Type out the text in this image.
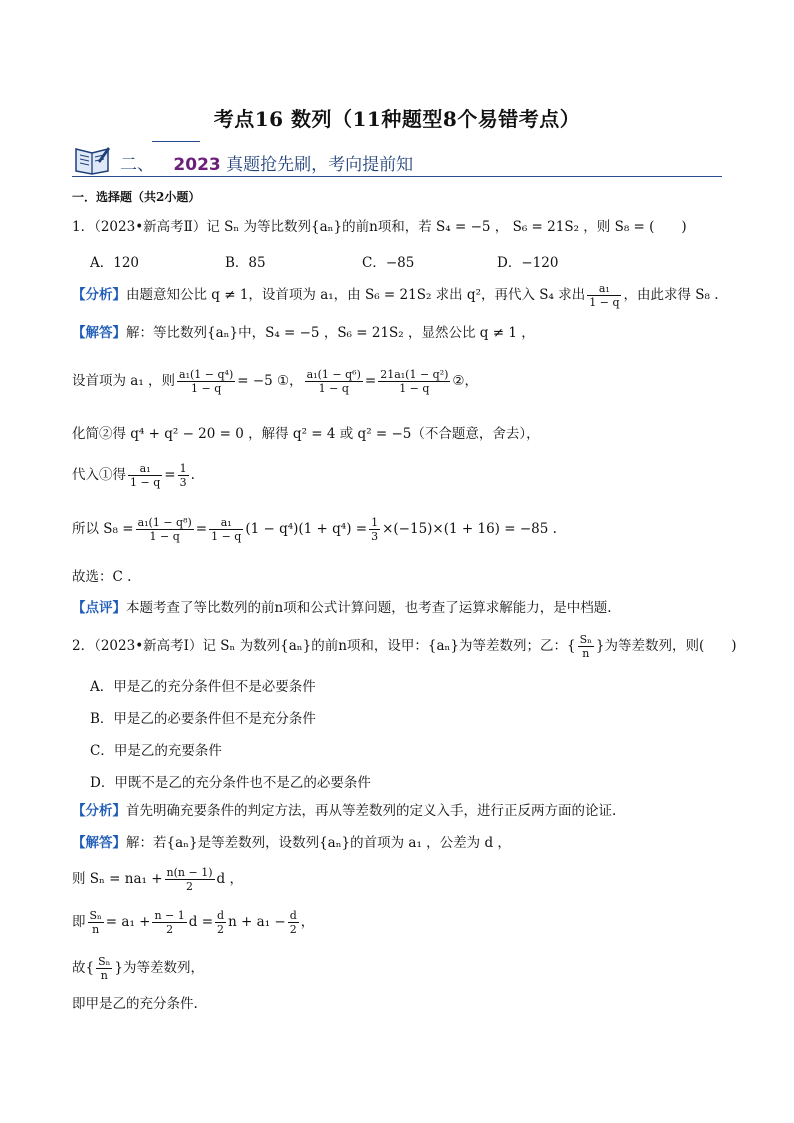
考点16 数列（11种题型8个易错考点）
二、 2023 真题抢先刷，考向提前知
一．选择题（共2小题）
1．（2023•新高考Ⅱ）记 Sₙ 为等比数列{aₙ}的前n项和，若 S₄ = −5 ， S₆ = 21S₂ ，则 S₈ = (　　)
A．120	B．85	C．−85	D．−120
【分析】由题意知公比 q ≠ 1，设首项为 a₁，由 S₆ = 21S₂ 求出 q²，再代入 S₄ 求出 $\frac{\text{a₁}}{1 - q}$ ，由此求得 S₈ .
【解答】解：等比数列{aₙ}中，S₄ = −5 ，S₆ = 21S₂ ，显然公比 q ≠ 1 ，
设首项为 a₁ ，则 $\frac{\text{a₁(1 − q⁴)}}{1 - q} = -5$ ①， $\frac{\text{a₁(1 − q⁶)}}{1 - q} = \frac{\text{21a₁(1 − q²)}}{1 - q}$ ②，
化简②得 q⁴ + q² − 20 = 0 ，解得 q² = 4 或 q² = −5（不合题意，舍去），
代入①得 $\frac{\text{a₁}}{1 - q} = \frac{1}{3}$ .
所以 $S_8 = \frac{\text{a₁(1 − q⁸)}}{1 - q} = \frac{\text{a₁}}{1 - q} (1 - q^4)(1 + q^4) = \frac{1}{3} \times(-15)\times(1 + 16) = -85$ .
故选：C .
【点评】本题考查了等比数列的前n项和公式计算问题，也考查了运算求解能力，是中档题.
2．（2023•新高考Ⅰ）记 Sₙ 为数列{aₙ}的前n项和，设甲：{aₙ}为等差数列；乙：{ $\frac{\text{Sₙ}}{n}$ }为等差数列，则(　　)
A．甲是乙的充分条件但不是必要条件
B．甲是乙的必要条件但不是充分条件
C．甲是乙的充要条件
D．甲既不是乙的充分条件也不是乙的必要条件
【分析】首先明确充要条件的判定方法，再从等差数列的定义入手，进行正反两方面的论证.
【解答】解：若{aₙ}是等差数列，设数列{aₙ}的首项为 a₁ ，公差为 d ，
则 $S_n = na_1 + \frac{n(n - 1)}{2}$ d ，
即 $\frac{\text{Sₙ}}{n} = a_1 + \frac{n - 1}{2}$ $d = \frac{d}{2}$ $n + a_1 - \frac{d}{2}$ ，
故{ $\frac{\text{Sₙ}}{n}$ }为等差数列，
即甲是乙的充分条件.
